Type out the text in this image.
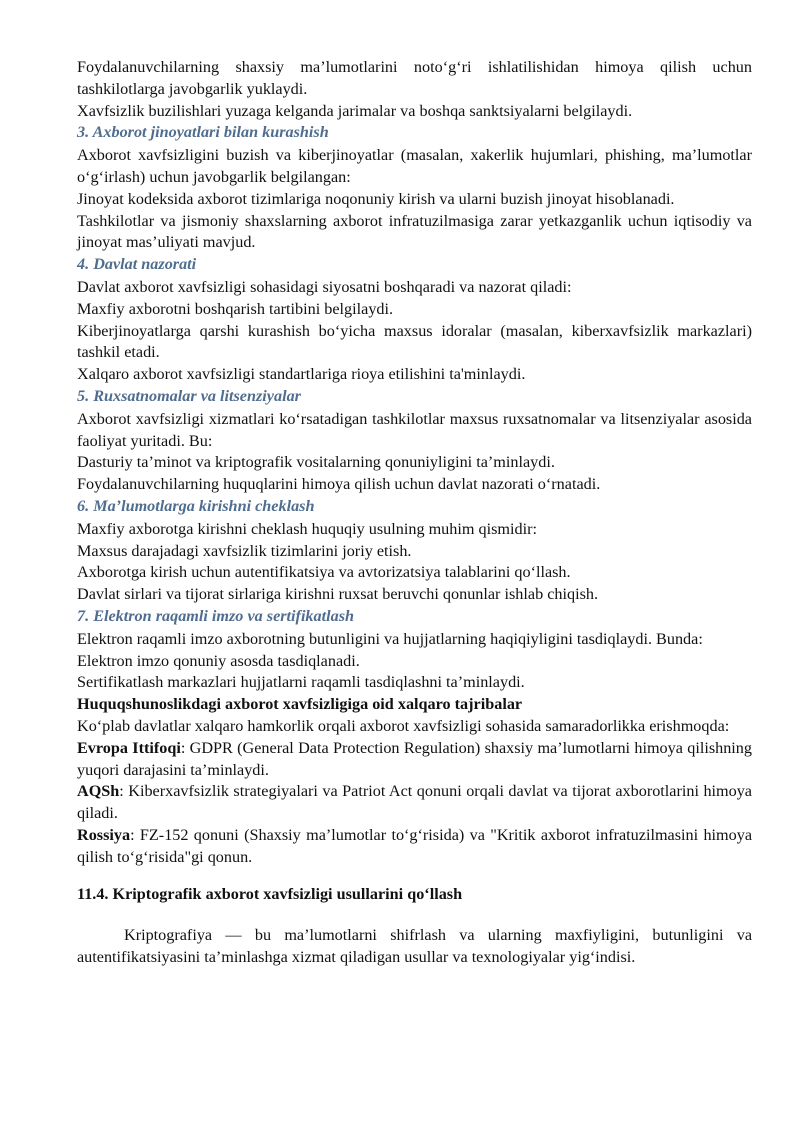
Foydalanuvchilarning shaxsiy ma’lumotlarini noto‘g‘ri ishlatilishidan himoya qilish uchun tashkilotlarga javobgarlik yuklaydi.

Xavfsizlik buzilishlari yuzaga kelganda jarimalar va boshqa sanktsiyalarni belgilaydi.

3. Axborot jinoyatlari bilan kurashish

Axborot xavfsizligini buzish va kiberjinoyatlar (masalan, xakerlik hujumlari, phishing, ma’lumotlar o‘g‘irlash) uchun javobgarlik belgilangan:

Jinoyat kodeksida axborot tizimlariga noqonuniy kirish va ularni buzish jinoyat hisoblanadi.

Tashkilotlar va jismoniy shaxslarning axborot infratuzilmasiga zarar yetkazganlik uchun iqtisodiy va jinoyat mas’uliyati mavjud.

4. Davlat nazorati

Davlat axborot xavfsizligi sohasidagi siyosatni boshqaradi va nazorat qiladi:

Maxfiy axborotni boshqarish tartibini belgilaydi.

Kiberjinoyatlarga qarshi kurashish bo‘yicha maxsus idoralar (masalan, kiberxavfsizlik markazlari) tashkil etadi.

Xalqaro axborot xavfsizligi standartlariga rioya etilishini ta'minlaydi.

5. Ruxsatnomalar va litsenziyalar

Axborot xavfsizligi xizmatlari ko‘rsatadigan tashkilotlar maxsus ruxsatnomalar va litsenziyalar asosida faoliyat yuritadi. Bu:

Dasturiy ta’minot va kriptografik vositalarning qonuniyligini ta’minlaydi.

Foydalanuvchilarning huquqlarini himoya qilish uchun davlat nazorati o‘rnatadi.

6. Ma’lumotlarga kirishni cheklash

Maxfiy axborotga kirishni cheklash huquqiy usulning muhim qismidir:

Maxsus darajadagi xavfsizlik tizimlarini joriy etish.

Axborotga kirish uchun autentifikatsiya va avtorizatsiya talablarini qo‘llash.

Davlat sirlari va tijorat sirlariga kirishni ruxsat beruvchi qonunlar ishlab chiqish.

7. Elektron raqamli imzo va sertifikatlash

Elektron raqamli imzo axborotning butunligini va hujjatlarning haqiqiyligini tasdiqlaydi. Bunda:

Elektron imzo qonuniy asosda tasdiqlanadi.

Sertifikatlash markazlari hujjatlarni raqamli tasdiqlashni ta’minlaydi.

Huquqshunoslikdagi axborot xavfsizligiga oid xalqaro tajribalar

Ko‘plab davlatlar xalqaro hamkorlik orqali axborot xavfsizligi sohasida samaradorlikka erishmoqda:

Evropa Ittifoqi: GDPR (General Data Protection Regulation) shaxsiy ma’lumotlarni himoya qilishning yuqori darajasini ta’minlaydi.

AQSh: Kiberxavfsizlik strategiyalari va Patriot Act qonuni orqali davlat va tijorat axborotlarini himoya qiladi.

Rossiya: FZ-152 qonuni (Shaxsiy ma’lumotlar to‘g‘risida) va "Kritik axborot infratuzilmasini himoya qilish to‘g‘risida"gi qonun.

11.4. Kriptografik axborot xavfsizligi usullarini qo‘llash

Kriptografiya — bu ma’lumotlarni shifrlash va ularning maxfiyligini, butunligini va autentifikatsiyasini ta’minlashga xizmat qiladigan usullar va texnologiyalar yig‘indisi.
